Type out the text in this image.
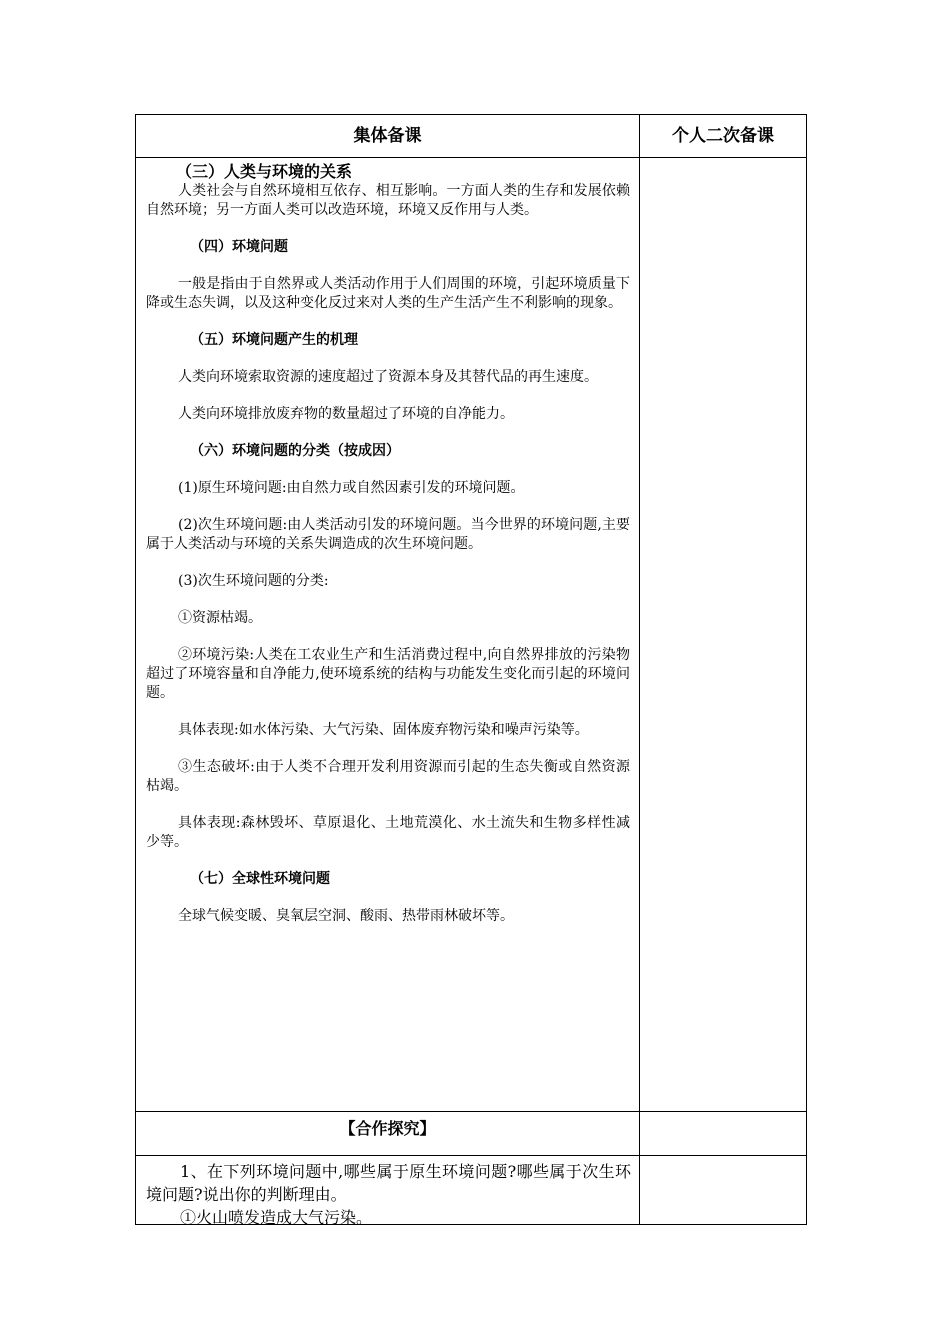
集体备课	个人二次备课

（三）人类与环境的关系

人类社会与自然环境相互依存、相互影响。一方面人类的生存和发展依赖自然环境；另一方面人类可以改造环境，环境又反作用与人类。

（四）环境问题

一般是指由于自然界或人类活动作用于人们周围的环境，引起环境质量下降或生态失调，以及这种变化反过来对人类的生产生活产生不利影响的现象。

（五）环境问题产生的机理

人类向环境索取资源的速度超过了资源本身及其替代品的再生速度。

人类向环境排放废弃物的数量超过了环境的自净能力。

（六）环境问题的分类（按成因）

(1)原生环境问题:由自然力或自然因素引发的环境问题。

(2)次生环境问题:由人类活动引发的环境问题。当今世界的环境问题,主要属于人类活动与环境的关系失调造成的次生环境问题。

(3)次生环境问题的分类:

①资源枯竭。

②环境污染:人类在工农业生产和生活消费过程中,向自然界排放的污染物超过了环境容量和自净能力,使环境系统的结构与功能发生变化而引起的环境问题。

具体表现:如水体污染、大气污染、固体废弃物污染和噪声污染等。

③生态破坏:由于人类不合理开发利用资源而引起的生态失衡或自然资源枯竭。

具体表现:森林毁坏、草原退化、土地荒漠化、水土流失和生物多样性减少等。

（七）全球性环境问题

全球气候变暖、臭氧层空洞、酸雨、热带雨林破坏等。

【合作探究】

1、在下列环境问题中,哪些属于原生环境问题?哪些属于次生环境问题?说出你的判断理由。

①火山喷发造成大气污染。
